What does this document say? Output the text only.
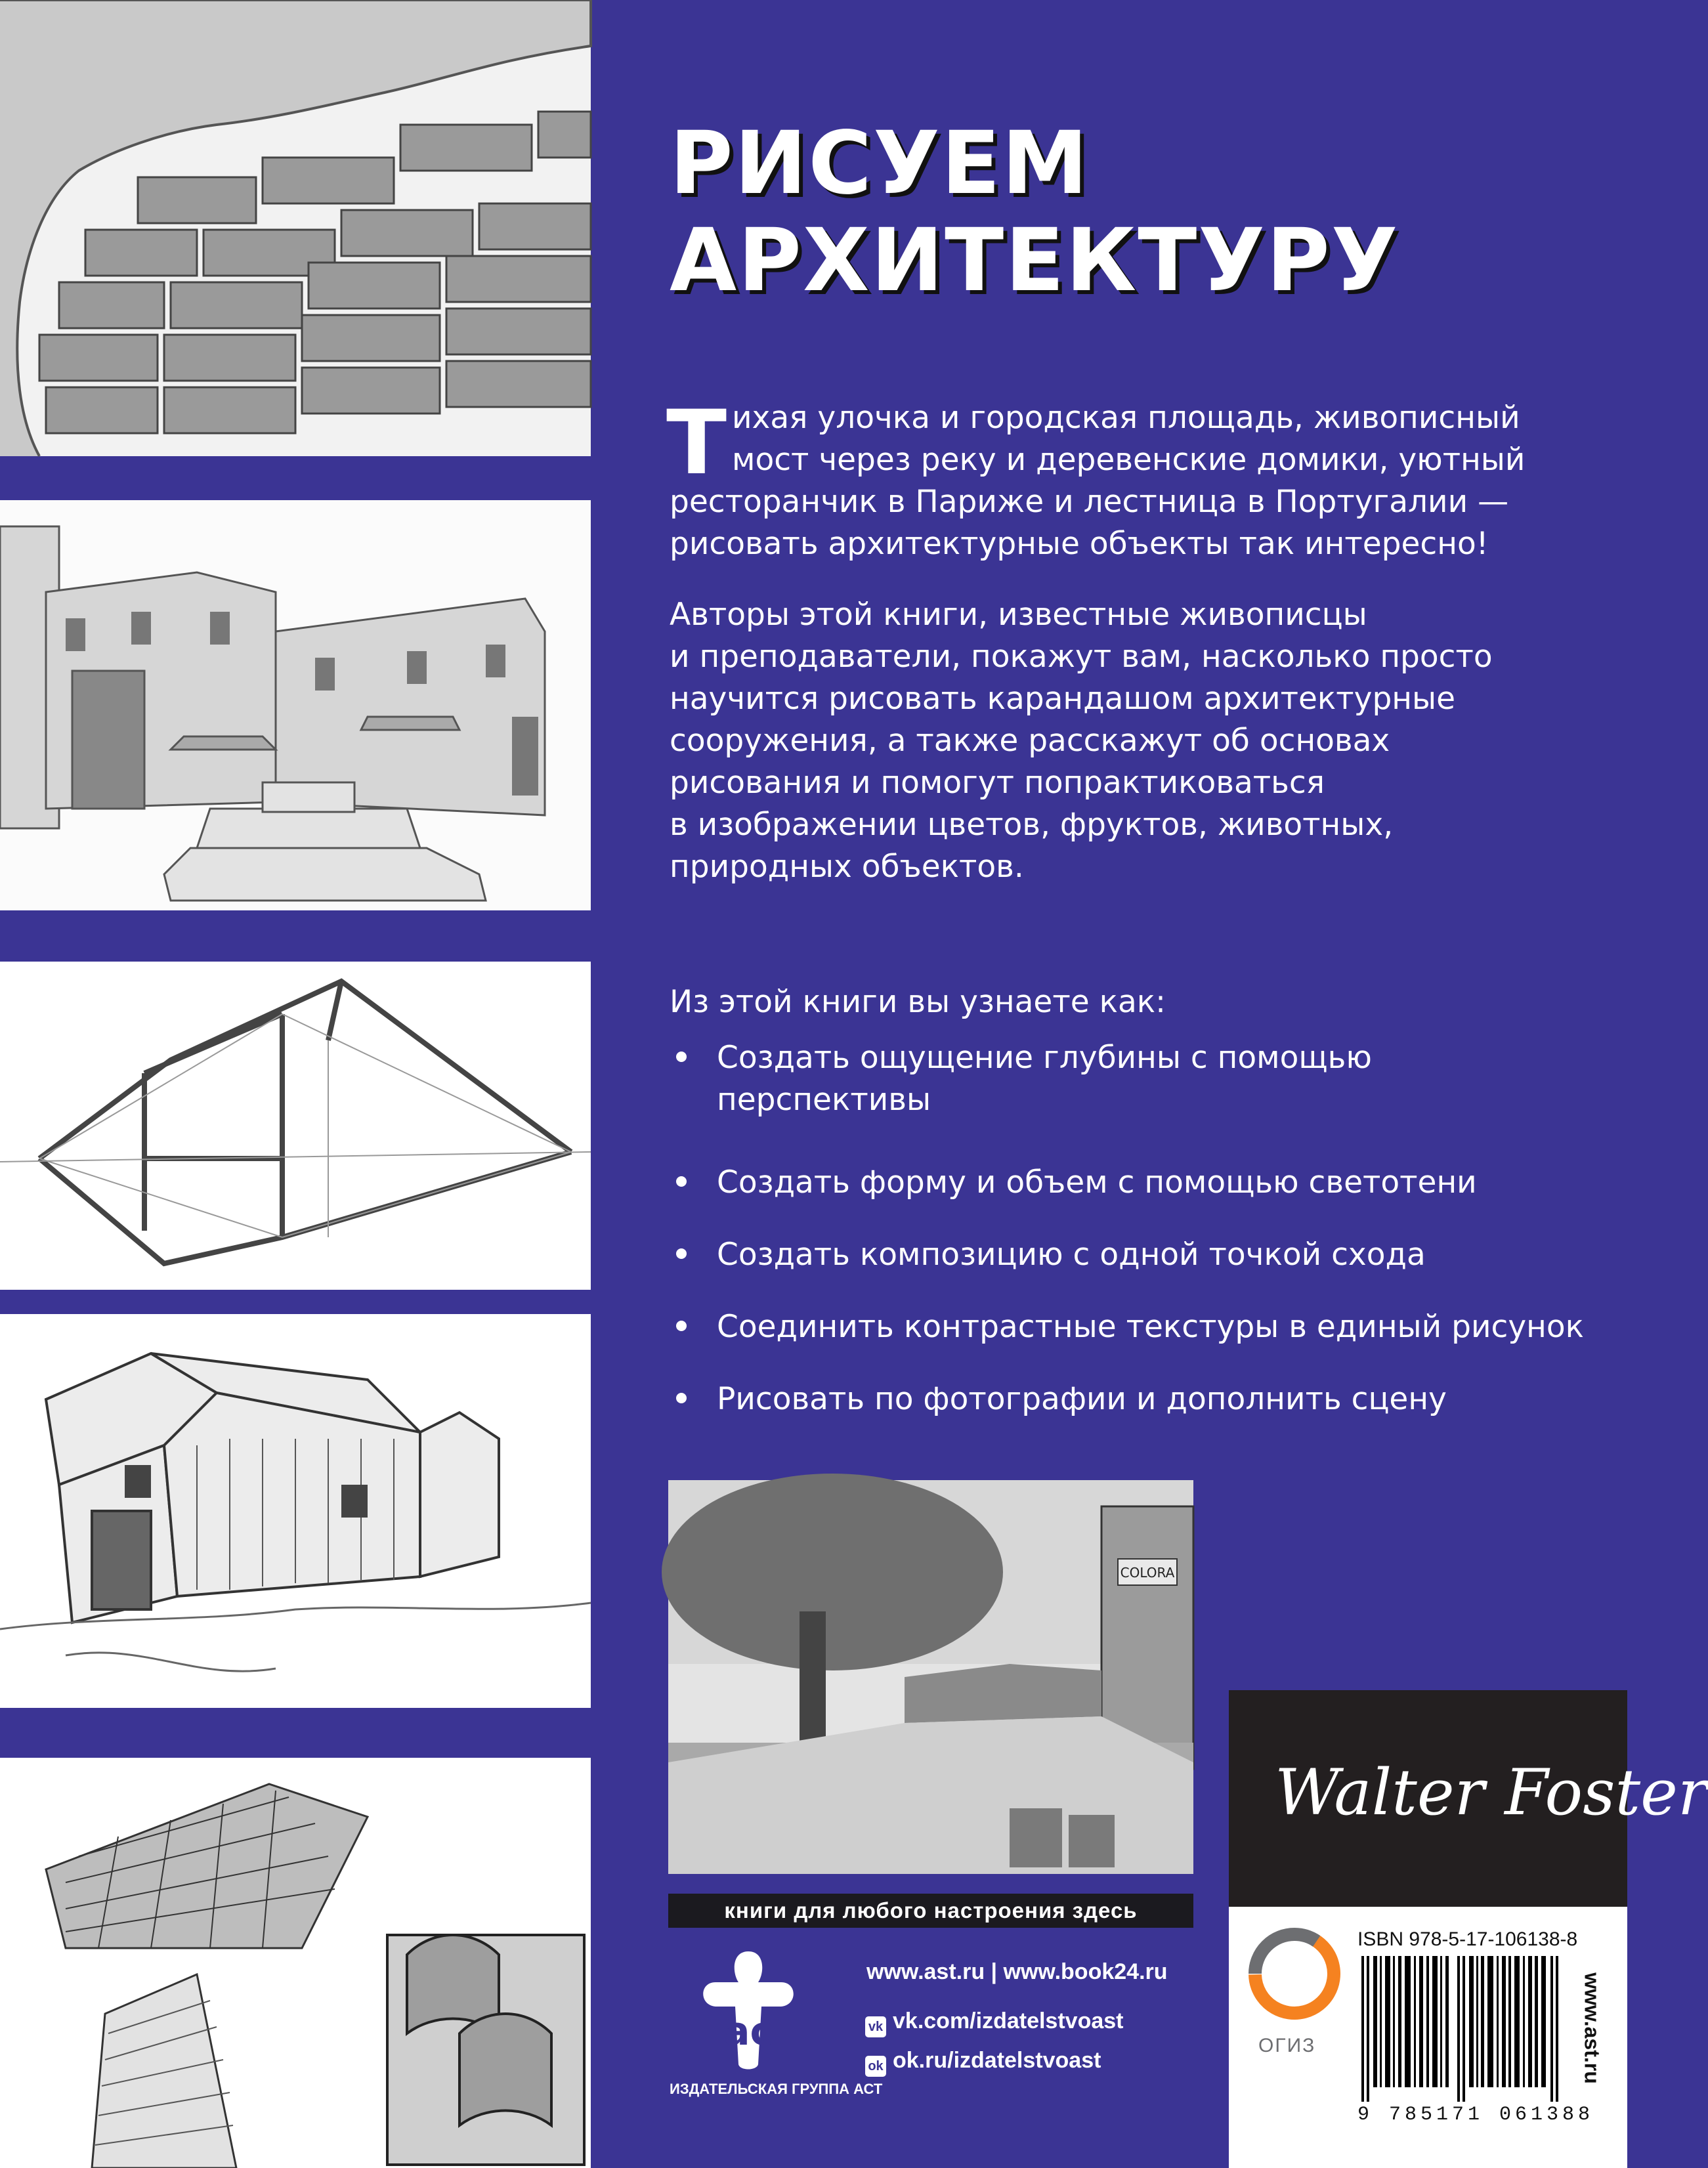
РИСУЕМ
АРХИТЕКТУРУ
Т ихая улочка и городская площадь, живописный
мост через реку и деревенские домики, уютный
ресторанчик в Париже и лестница в Португалии —
рисовать архитектурные объекты так интересно!
Авторы этой книги, известные живописцы
и преподаватели, покажут вам, насколько просто
научится рисовать карандашом архитектурные
сооружения, а также расскажут об основах
рисования и помогут попрактиковаться
в изображении цветов, фруктов, животных,
природных объектов.
Из этой книги вы узнаете как:
Создать ощущение глубины с помощью
перспективы
Создать форму и объем с помощью светотени
Создать композицию с одной точкой схода
Соединить контрастные текстуры в единый рисунок
Рисовать по фотографии и дополнить сцену
COLORA
книги для любого настроения здесь
ас
ИЗДАТЕЛЬСКАЯ ГРУППА АСТ
www.ast.ru | www.book24.ru
vk vk.com/izdatelstvoast
ok ok.ru/izdatelstvoast
Walter Foster
ОГИЗ
ISBN 978-5-17-106138-8
9 785171 061388
www.ast.ru
